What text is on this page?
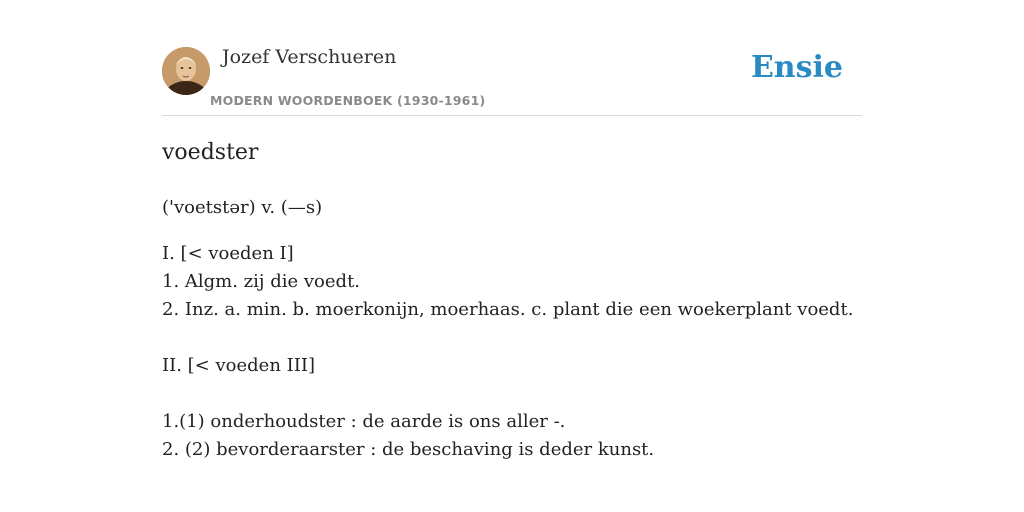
Jozef Verschueren
MODERN WOORDENBOEK (1930-1961)
Ensie
voedster
('voetstər) v. (—s)
I. [< voeden I]
1. Algm. zij die voedt.
2. Inz. a. min. b. moerkonijn, moerhaas. c. plant die een woekerplant voedt.
II. [< voeden III]
1.(1) onderhoudster : de aarde is ons aller -.
2. (2) bevorderaarster : de beschaving is deder kunst.
